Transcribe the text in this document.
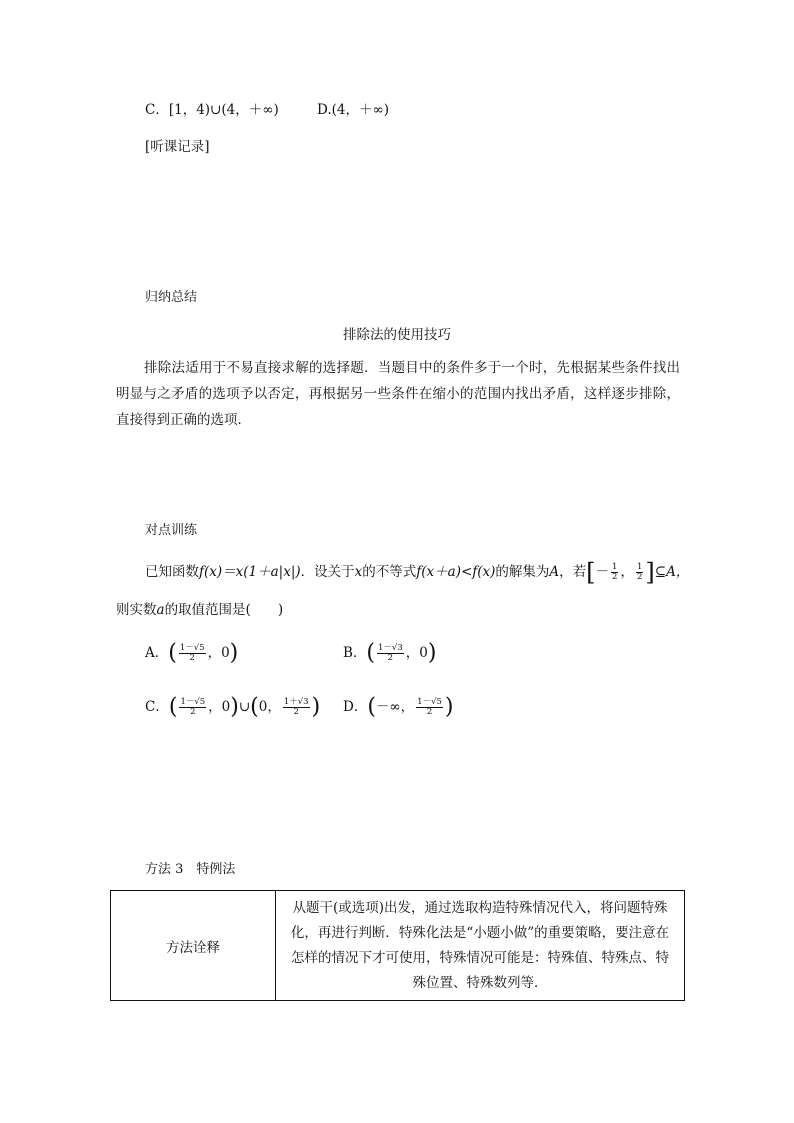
C．[1，4)∪(4，＋∞)	D.(4，＋∞)
[听课记录]
归纳总结
排除法的使用技巧
排除法适用于不易直接求解的选择题．当题目中的条件多于一个时，先根据某些条件找出明显与之矛盾的选项予以否定，再根据另一些条件在缩小的范围内找出矛盾，这样逐步排除，直接得到正确的选项．
对点训练
已知函数f(x)＝x(1＋a|x|)．设关于x的不等式f(x＋a)<f(x)的解集为A，若[－ $\frac{1}{2}$ ， $\frac{1}{2}$ ]⊆A，
则实数a的取值范围是(　　)
A．( $\frac{1-√5}{2}$ ，0)	B．( $\frac{1-√3}{2}$ ，0)
C．( $\frac{1-√5}{2}$ ，0)∪(0， $\frac{1+√3}{2}$ ) D．(－∞， $\frac{1-√5}{2}$ )
方法 3　特例法
方法诠释	从题干(或选项)出发，通过选取构造特殊情况代入，将问题特殊化，再进行判断．特殊化法是“小题小做”的重要策略，要注意在怎样的情况下才可使用，特殊情况可能是：特殊值、特殊点、特殊位置、特殊数列等．
